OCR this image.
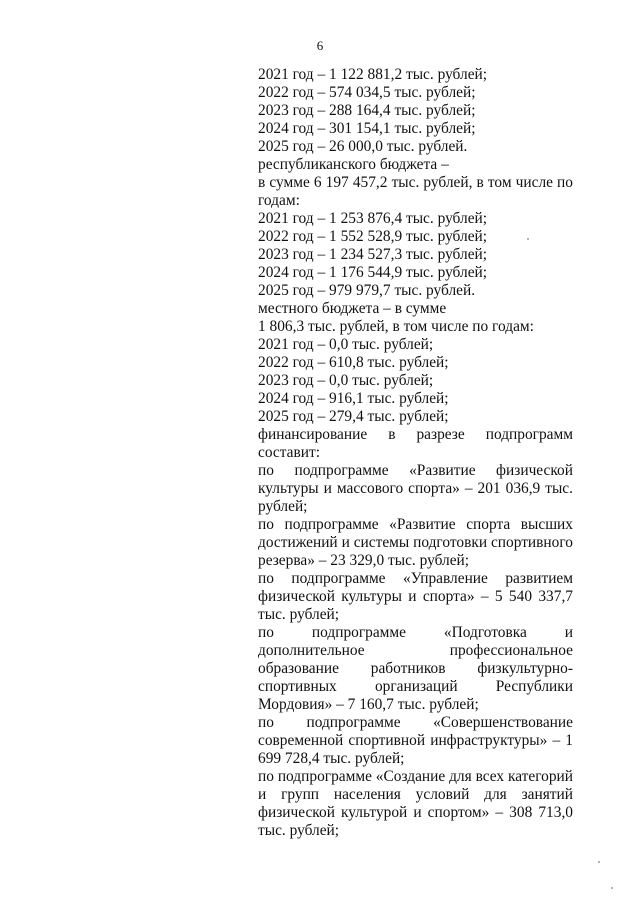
6
2021 год – 1 122 881,2 тыс. рублей;
2022 год – 574 034,5 тыс. рублей;
2023 год – 288 164,4 тыс. рублей;
2024 год – 301 154,1 тыс. рублей;
2025 год – 26 000,0 тыс. рублей.
республиканского бюджета –
в сумме 6 197 457,2 тыс. рублей, в том числе по годам:
2021 год – 1 253 876,4 тыс. рублей;
2022 год – 1 552 528,9 тыс. рублей;
2023 год – 1 234 527,3 тыс. рублей;
2024 год – 1 176 544,9 тыс. рублей;
2025 год – 979 979,7 тыс. рублей.
местного бюджета – в сумме
1 806,3 тыс. рублей, в том числе по годам:
2021 год – 0,0 тыс. рублей;
2022 год – 610,8 тыс. рублей;
2023 год – 0,0 тыс. рублей;
2024 год – 916,1 тыс. рублей;
2025 год – 279,4 тыс. рублей;
финансирование в разрезе подпрограмм составит:
по подпрограмме «Развитие физической культуры и массового спорта» – 201 036,9 тыс. рублей;
по подпрограмме «Развитие спорта высших достижений и системы подготовки спортивного резерва» – 23 329,0 тыс. рублей;
по подпрограмме «Управление развитием физической культуры и спорта» – 5 540 337,7 тыс. рублей;
по подпрограмме «Подготовка и дополнительное профессиональное образование работников физкультурно-спортивных организаций Республики Мордовия» – 7 160,7 тыс. рублей;
по подпрограмме «Совершенствование современной спортивной инфраструктуры» – 1 699 728,4 тыс. рублей;
по подпрограмме «Создание для всех категорий и групп населения условий для занятий физической культурой и спортом» – 308 713,0 тыс. рублей;
